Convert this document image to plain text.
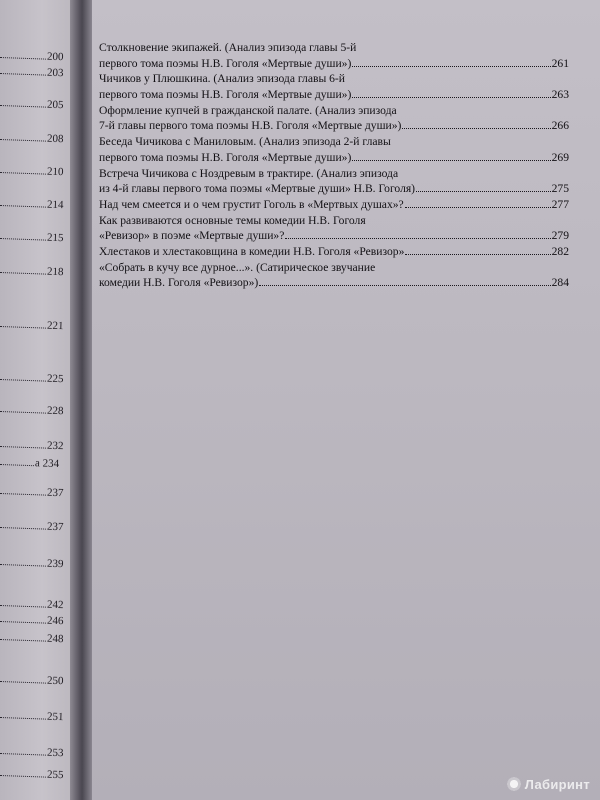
200
203
205
208
210
214
215
218
221
225
228
232
а 234
237
237
239
242
246
248
250
251
253
255
Столкновение экипажей. (Анализ эпизода главы 5-й
первого тома поэмы Н.В. Гоголя «Мертвые души»)	261
Чичиков у Плюшкина. (Анализ эпизода главы 6-й
первого тома поэмы Н.В. Гоголя «Мертвые души»)	263
Оформление купчей в гражданской палате. (Анализ эпизода
7-й главы первого тома поэмы Н.В. Гоголя «Мертвые души»)	266
Беседа Чичикова с Маниловым. (Анализ эпизода 2-й главы
первого тома поэмы Н.В. Гоголя «Мертвые души»)	269
Встреча Чичикова с Ноздревым в трактире. (Анализ эпизода
из 4-й главы первого тома поэмы «Мертвые души» Н.В. Гоголя)	275
Над чем смеется и о чем грустит Гоголь в «Мертвых душах»?	277
Как развиваются основные темы комедии Н.В. Гоголя
«Ревизор» в поэме «Мертвые души»?	279
Хлестаков и хлестаковщина в комедии Н.В. Гоголя «Ревизор»	282
«Собрать в кучу все дурное...». (Сатирическое звучание
комедии Н.В. Гоголя «Ревизор»)	284
Лабиринт
